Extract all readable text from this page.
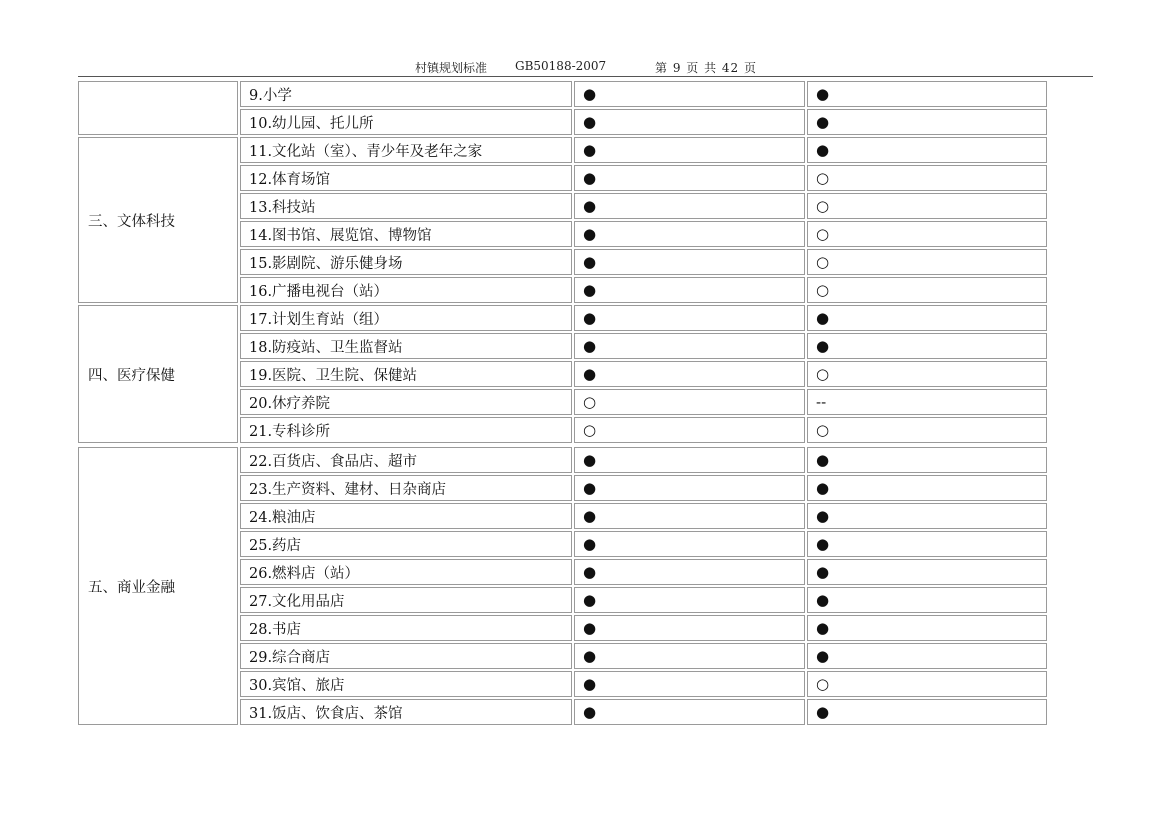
村镇规划标准 GB50188-2007	第 9 页 共 42 页
	9.小学	●	●
	10.幼儿园、托儿所	●	●
三、文体科技	11.文化站（室）、青少年及老年之家	●	●
	12.体育场馆	●	○
	13.科技站	●	○
	14.图书馆、展览馆、博物馆	●	○
	15.影剧院、游乐健身场	●	○
	16.广播电视台（站）	●	○
四、医疗保健	17.计划生育站（组）	●	●
	18.防疫站、卫生监督站	●	●
	19.医院、卫生院、保健站	●	○
	20.休疗养院	○	--
	21.专科诊所	○	○
五、商业金融	22.百货店、食品店、超市	●	●
	23.生产资料、建材、日杂商店	●	●
	24.粮油店	●	●
	25.药店	●	●
	26.燃料店（站）	●	●
	27.文化用品店	●	●
	28.书店	●	●
	29.综合商店	●	●
	30.宾馆、旅店	●	○
	31.饭店、饮食店、茶馆	●	●
